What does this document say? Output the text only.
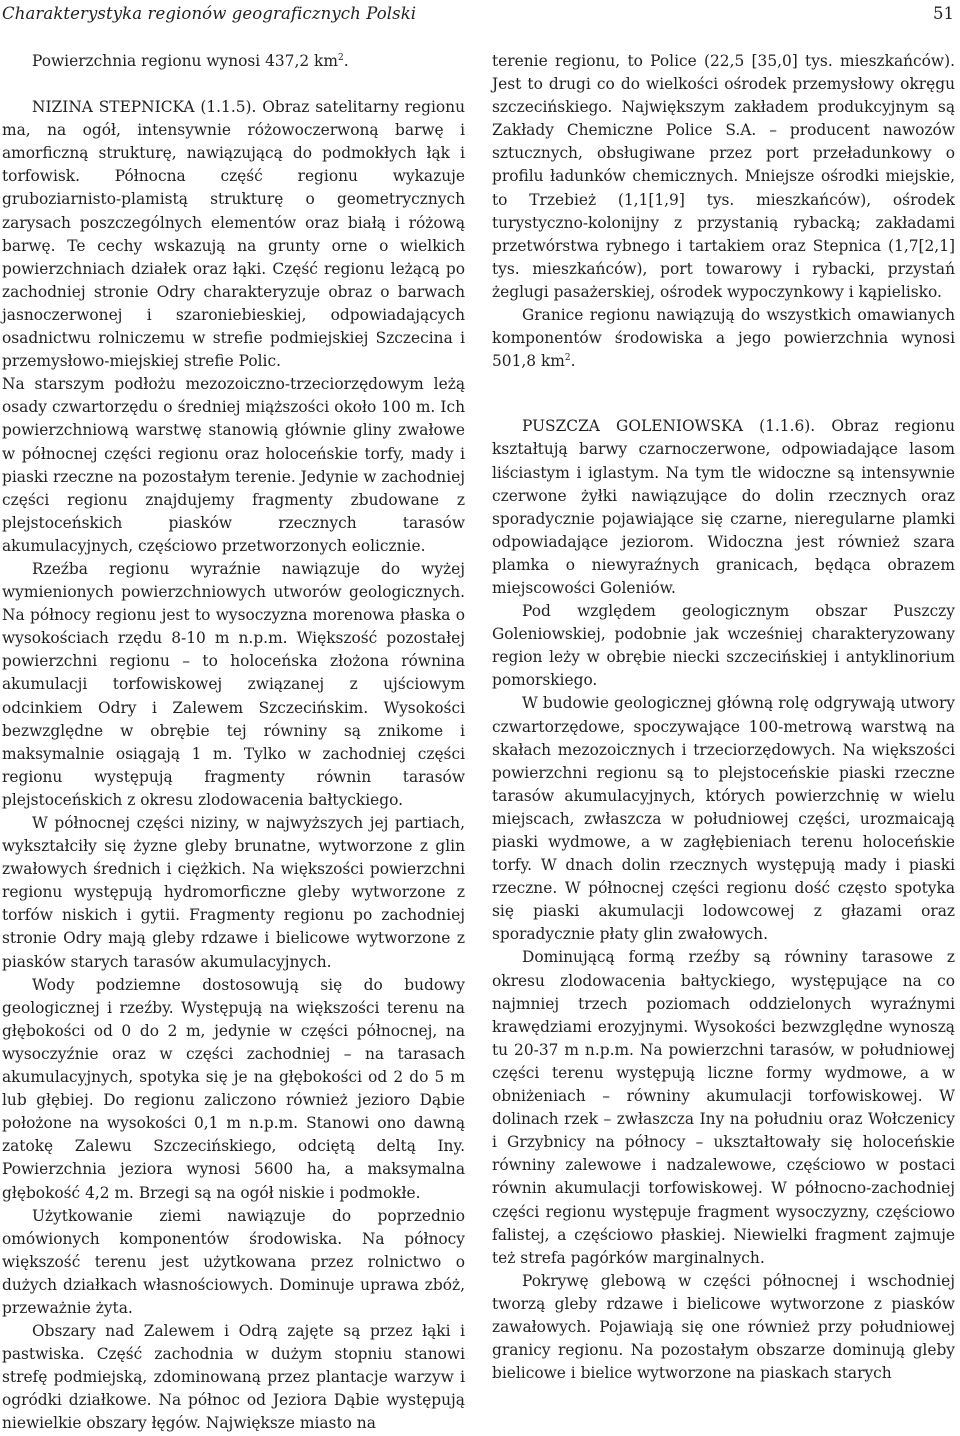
Charakterystyka regionów geograficznych Polski	51

Powierzchnia regionu wynosi 437,2 $km^2$.

NIZINA STEPNICKA (1.1.5). Obraz satelitarny regionu ma, na ogół, intensywnie różowoczerwoną barwę i amorficzną strukturę, nawiązującą do podmokłych łąk i torfowisk. Północna część regionu wykazuje gruboziarnisto-plamistą strukturę o geometrycznych zarysach poszczególnych elementów oraz białą i różową barwę. Te cechy wskazują na grunty orne o wielkich powierzchniach działek oraz łąki. Część regionu leżącą po zachodniej stronie Odry charakteryzuje obraz o barwach jasnoczerwonej i szaroniebieskiej, odpowiadających osadnictwu rolniczemu w strefie podmiejskiej Szczecina i przemysłowo-miejskiej strefie Polic.

Na starszym podłożu mezozoiczno-trzeciorzędowym leżą osady czwartorzędu o średniej miąższości około 100 m. Ich powierzchniową warstwę stanowią głównie gliny zwałowe w północnej części regionu oraz holoceńskie torfy, mady i piaski rzeczne na pozostałym terenie. Jedynie w zachodniej części regionu znajdujemy fragmenty zbudowane z plejstoceńskich piasków rzecznych tarasów akumulacyjnych, częściowo przetworzonych eolicznie.

Rzeźba regionu wyraźnie nawiązuje do wyżej wymienionych powierzchniowych utworów geologicznych. Na północy regionu jest to wysoczyzna morenowa płaska o wysokościach rzędu 8-10 m n.p.m. Większość pozostałej powierzchni regionu – to holoceńska złożona równina akumulacji torfowiskowej związanej z ujściowym odcinkiem Odry i Zalewem Szczecińskim. Wysokości bezwzględne w obrębie tej równiny są znikome i maksymalnie osiągają 1 m. Tylko w zachodniej części regionu występują fragmenty równin tarasów plejstoceńskich z okresu zlodowacenia bałtyckiego.

W północnej części niziny, w najwyższych jej partiach, wykształciły się żyzne gleby brunatne, wytworzone z glin zwałowych średnich i ciężkich. Na większości powierzchni regionu występują hydromorficzne gleby wytworzone z torfów niskich i gytii. Fragmenty regionu po zachodniej stronie Odry mają gleby rdzawe i bielicowe wytworzone z piasków starych tarasów akumulacyjnych.

Wody podziemne dostosowują się do budowy geologicznej i rzeźby. Występują na większości terenu na głębokości od 0 do 2 m, jedynie w części północnej, na wysoczyźnie oraz w części zachodniej – na tarasach akumulacyjnych, spotyka się je na głębokości od 2 do 5 m lub głębiej. Do regionu zaliczono również jezioro Dąbie położone na wysokości 0,1 m n.p.m. Stanowi ono dawną zatokę Zalewu Szczecińskiego, odciętą deltą Iny. Powierzchnia jeziora wynosi 5600 ha, a maksymalna głębokość 4,2 m. Brzegi są na ogół niskie i podmokłe.

Użytkowanie ziemi nawiązuje do poprzednio omówionych komponentów środowiska. Na północy większość terenu jest użytkowana przez rolnictwo o dużych działkach własnościowych. Dominuje uprawa zbóż, przeważnie żyta.

Obszary nad Zalewem i Odrą zajęte są przez łąki i pastwiska. Część zachodnia w dużym stopniu stanowi strefę podmiejską, zdominowaną przez plantacje warzyw i ogródki działkowe. Na północ od Jeziora Dąbie występują niewielkie obszary łęgów. Największe miasto na

terenie regionu, to Police (22,5 [35,0] tys. mieszkańców). Jest to drugi co do wielkości ośrodek przemysłowy okręgu szczecińskiego. Największym zakładem produkcyjnym są Zakłady Chemiczne Police S.A. – producent nawozów sztucznych, obsługiwane przez port przeładunkowy o profilu ładunków chemicznych. Mniejsze ośrodki miejskie, to Trzebież (1,1[1,9] tys. mieszkańców), ośrodek turystyczno-kolonijny z przystanią rybacką; zakładami przetwórstwa rybnego i tartakiem oraz Stepnica (1,7[2,1] tys. mieszkańców), port towarowy i rybacki, przystań żeglugi pasażerskiej, ośrodek wypoczynkowy i kąpielisko.

Granice regionu nawiązują do wszystkich omawianych komponentów środowiska a jego powierzchnia wynosi 501,8 $km^2$.

PUSZCZA GOLENIOWSKA (1.1.6). Obraz regionu kształtują barwy czarnoczerwone, odpowiadające lasom liściastym i iglastym. Na tym tle widoczne są intensywnie czerwone żyłki nawiązujące do dolin rzecznych oraz sporadycznie pojawiające się czarne, nieregularne plamki odpowiadające jeziorom. Widoczna jest również szara plamka o niewyraźnych granicach, będąca obrazem miejscowości Goleniów.

Pod względem geologicznym obszar Puszczy Goleniowskiej, podobnie jak wcześniej charakteryzowany region leży w obrębie niecki szczecińskiej i antyklinorium pomorskiego.

W budowie geologicznej główną rolę odgrywają utwory czwartorzędowe, spoczywające 100-metrową warstwą na skałach mezozoicznych i trzeciorzędowych. Na większości powierzchni regionu są to plejstoceńskie piaski rzeczne tarasów akumulacyjnych, których powierzchnię w wielu miejscach, zwłaszcza w południowej części, urozmaicają piaski wydmowe, a w zagłębieniach terenu holoceńskie torfy. W dnach dolin rzecznych występują mady i piaski rzeczne. W północnej części regionu dość często spotyka się piaski akumulacji lodowcowej z głazami oraz sporadycznie płaty glin zwałowych.

Dominującą formą rzeźby są równiny tarasowe z okresu zlodowacenia bałtyckiego, występujące na co najmniej trzech poziomach oddzielonych wyraźnymi krawędziami erozyjnymi. Wysokości bezwzględne wynoszą tu 20-37 m n.p.m. Na powierzchni tarasów, w południowej części terenu występują liczne formy wydmowe, a w obniżeniach – równiny akumulacji torfowiskowej. W dolinach rzek – zwłaszcza Iny na południu oraz Wołczenicy i Grzybnicy na północy – ukształtowały się holoceńskie równiny zalewowe i nadzalewowe, częściowo w postaci równin akumulacji torfowiskowej. W północno-zachodniej części regionu występuje fragment wysoczyzny, częściowo falistej, a częściowo płaskiej. Niewielki fragment zajmuje też strefa pagórków marginalnych.

Pokrywę glebową w części północnej i wschodniej tworzą gleby rdzawe i bielicowe wytworzone z piasków zawałowych. Pojawiają się one również przy południowej granicy regionu. Na pozostałym obszarze dominują gleby bielicowe i bielice wytworzone na piaskach starych
